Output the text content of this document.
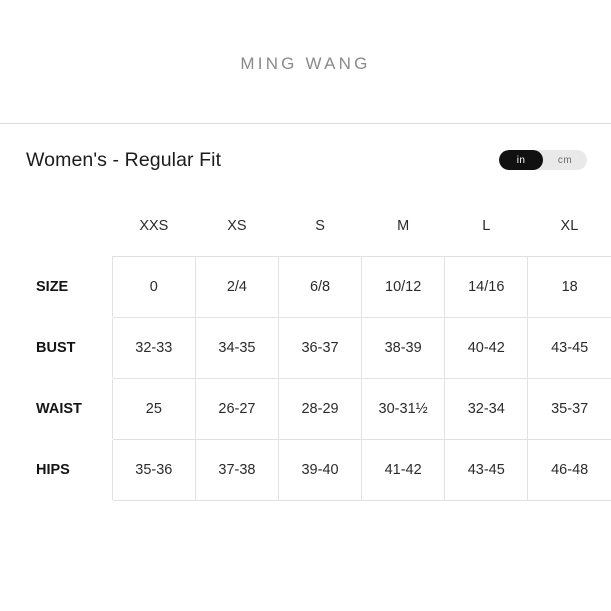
MING WANG
Women's - Regular Fit	in	cm
	XXS	XS	S	M	L	XL
SIZE	0	2/4	6/8	10/12	14/16	18
BUST	32-33	34-35	36-37	38-39	40-42	43-45
WAIST	25	26-27	28-29	30-31½	32-34	35-37
HIPS	35-36	37-38	39-40	41-42	43-45	46-48
